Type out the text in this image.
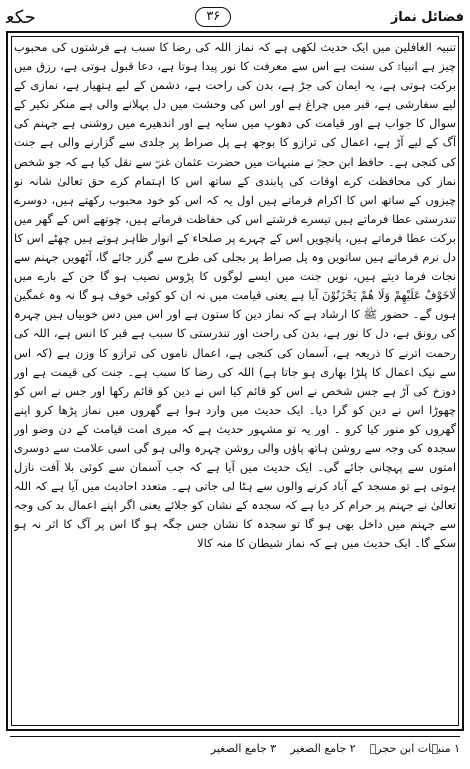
فضائل نماز
۳۶
ﺣﮑﻌ

تنبیہ الغافلین میں ایک حدیث لکھی ہے کہ نماز اللہ کی رضا کا سبب ہے فرشتوں کی محبوب چیز ہے انبیاءؑ کی سنت ہے اس سے معرفت کا نور پیدا ہوتا ہے، دعا قبول ہوتی ہے، رزق میں برکت ہوتی ہے، یہ ایمان کی جڑ ہے، بدن کی راحت ہے، دشمن کے لیے ہتھیار ہے، نمازی کے لیے سفارشی ہے، قبر میں چراغ ہے اور اس کی وحشت میں دل بہلانے والی ہے منکر نکیر کے سوال کا جواب ہے اور قیامت کی دھوپ میں سایہ ہے اور اندھیرے میں روشنی ہے جہنم کی آگ کے لیے آڑ ہے، اعمال کی ترازو کا بوجھ ہے پل صراط پر جلدی سے گزارنے والی ہے جنت کی کنجی ہے۔ حافظ ابن حجرؒ نے منبہات میں حضرت عثمان غنیؓ سے نقل کیا ہے کہ جو شخص نماز کی محافظت کرے اوقات کی پابندی کے ساتھ اس کا اہتمام کرے حق تعالیٰ شانہ نو چیزوں کے ساتھ اس کا اکرام فرماتے ہیں اول یہ کہ اس کو خود محبوب رکھتے ہیں، دوسرے تندرستی عطا فرماتے ہیں تیسرے فرشتے اس کی حفاظت فرماتے ہیں، چوتھے اس کے گھر میں برکت عطا فرماتے ہیں، پانچویں اس کے چہرے پر صلحاء کے انوار ظاہر ہوتے ہیں چھٹے اس کا دل نرم فرماتے ہیں ساتویں وہ پل صراط پر بجلی کی طرح سے گزر جائے گا، آٹھویں جہنم سے نجات فرما دیتے ہیں، نویں جنت میں ایسے لوگوں کا پڑوس نصیب ہو گا جن کے بارے میں لَاخَوْفٌ عَلَیْھِمْ وَلَا ھُمْ یَحْزَنُوْنَ آیا ہے یعنی قیامت میں نہ ان کو کوئی خوف ہو گا نہ وہ غمگین ہوں گے۔ حضور ﷺ کا ارشاد ہے کہ نماز دین کا ستون ہے اور اس میں دس خوبیاں ہیں چہرہ کی رونق ہے، دل کا نور ہے، بدن کی راحت اور تندرستی کا سبب ہے قبر کا انس ہے، اللہ کی رحمت اترنے کا ذریعہ ہے، آسمان کی کنجی ہے، اعمال ناموں کی ترازو کا وزن ہے (کہ اس سے نیک اعمال کا پلڑا بھاری ہو جاتا ہے) اللہ کی رضا کا سبب ہے۔ جنت کی قیمت ہے اور دوزخ کی آڑ ہے جس شخص نے اس کو قائم کیا اس نے دین کو قائم رکھا اور جس نے اس کو چھوڑا اس نے دین کو گرا دیا۔ ایک حدیث میں وارد ہوا ہے گھروں میں نماز پڑھا کرو اپنے گھروں کو منور کیا کرو ۔ اور یہ تو مشہور حدیث ہے کہ میری امت قیامت کے دن وضو اور سجدہ کی وجہ سے روشن ہاتھ پاؤں والی روشن چہرہ والی ہو گی اسی علامت سے دوسری امتوں سے پہچانی جائے گی۔ ایک حدیث میں آیا ہے کہ جب آسمان سے کوئی بلا آفت نازل ہوتی ہے تو مسجد کے آباد کرنے والوں سے ہٹا لی جاتی ہے۔ متعدد احادیث میں آیا ہے کہ اللہ تعالیٰ نے جہنم پر حرام کر دیا ہے کہ سجدہ کے نشان کو جلائے یعنی اگر اپنے اعمال بد کی وجہ سے جہنم میں داخل بھی ہو گا تو سجدہ کا نشان جس جگہ ہو گا اس پر آگ کا اثر نہ ہو سکے گا۔ ایک حدیث میں ہے کہ نماز شیطان کا منہ کالا

۱ منبہات ابن حجرؒ
۲ جامع الصغیر
۳ جامع الصغیر
